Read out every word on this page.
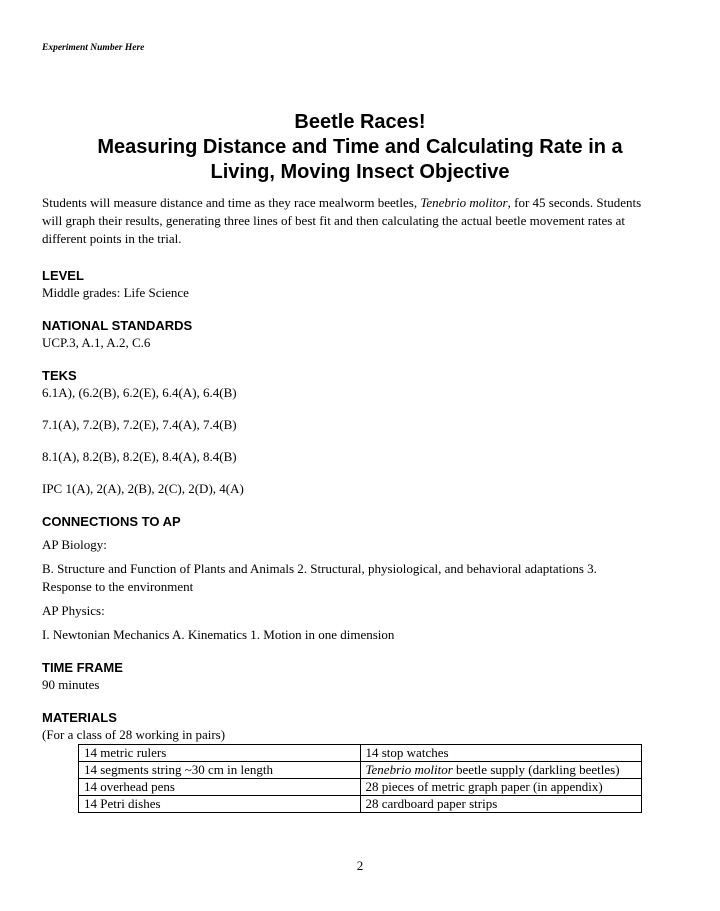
Experiment Number Here
Beetle Races!
Measuring Distance and Time and Calculating Rate in a
Living, Moving Insect Objective

Students will measure distance and time as they race mealworm beetles, Tenebrio molitor, for 45 seconds. Students will graph their results, generating three lines of best fit and then calculating the actual beetle movement rates at different points in the trial.

LEVEL

Middle grades: Life Science

NATIONAL STANDARDS

UCP.3, A.1, A.2, C.6

TEKS

6.1A), (6.2(B), 6.2(E), 6.4(A), 6.4(B)

7.1(A), 7.2(B), 7.2(E), 7.4(A), 7.4(B)

8.1(A), 8.2(B), 8.2(E), 8.4(A), 8.4(B)

IPC 1(A), 2(A), 2(B), 2(C), 2(D), 4(A)

CONNECTIONS TO AP

AP Biology:

B. Structure and Function of Plants and Animals 2. Structural, physiological, and behavioral adaptations 3. Response to the environment

AP Physics:

I. Newtonian Mechanics A. Kinematics 1. Motion in one dimension

TIME FRAME

90 minutes

MATERIALS

(For a class of 28 working in pairs)

14 metric rulers	14 stop watches
14 segments string ~30 cm in length	Tenebrio molitor beetle supply (darkling beetles)
14 overhead pens	28 pieces of metric graph paper (in appendix)
14 Petri dishes	28 cardboard paper strips
2
